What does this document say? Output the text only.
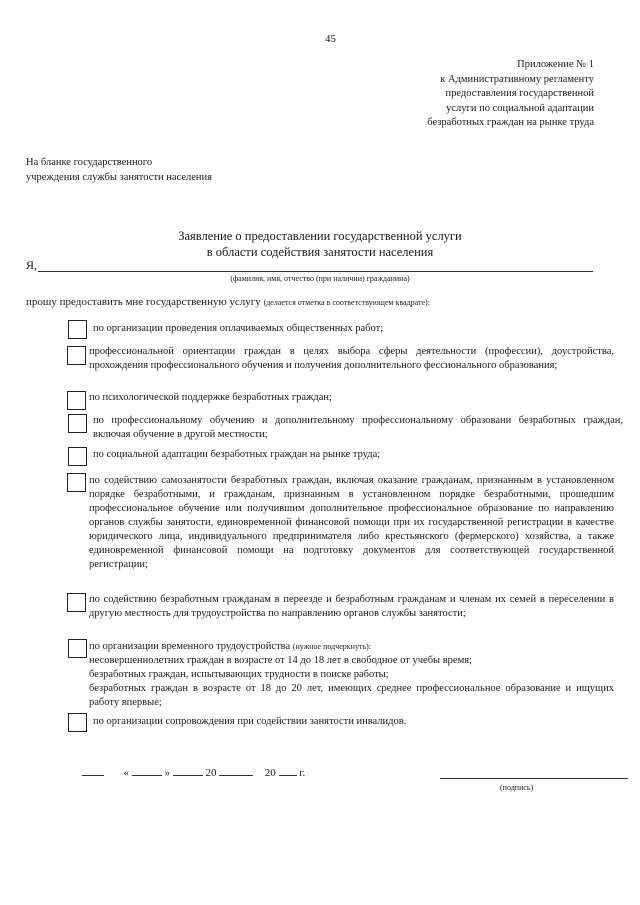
45
Приложение № 1
к Административному регламенту
предоставления государственной
услуги по социальной адаптации
безработных граждан на рынке труда
На бланке государственного
учреждения службы занятости населения
Заявление о предоставлении государственной услуги
в области содействия занятости населения
Я,
(фамилия, имя, отчество (при наличии) гражданина)
прошу предоставить мне государственную услугу (делается отметка в соответствующем квадрате):
по организации проведения оплачиваемых общественных работ;
профессиональной ориентации граждан в целях выбора сферы деятельности (профессии), доустройства, прохождения профессионального обучения и получения дополнительного фессионального образования;
по психологической поддержке безработных граждан;
по профессиональному обучению и дополнительному профессиональному образовани безработных граждан, включая обучение в другой местности;
по социальной адаптации безработных граждан на рынке труда;
по содействию самозанятости безработных граждан, включая оказание гражданам, признанным в установленном порядке безработными, и гражданам, признанным в установленном порядке безработными, прошедшим профессиональное обучение или получившим дополнительное профессиональное образование по направлению органов службы занятости, единовременной финансовой помощи при их государственной регистрации в качестве юридического лица, индивидуального предпринимателя либо крестьянского (фермерского) хозяйства, а также единовременной финансовой помощи на подготовку документов для соответствующей государственной регистрации;
по содействию безработным гражданам в переезде и безработным гражданам и членам их семей в переселении в другую местность для трудоустройства по направлению органов службы занятости;
по организации временного трудоустройства (нужное подчеркнуть):
несовершеннолетних граждан в возрасте от 14 до 18 лет в свободное от учебы время;
безработных граждан, испытывающих трудности в поиске работы;
безработных граждан в возрасте от 18 до 20 лет, имеющих среднее профессиональное образование и ищущих работу впервые;
по организации сопровождения при содействии занятости инвалидов.
«	»	20	20 г.
(подпись)
